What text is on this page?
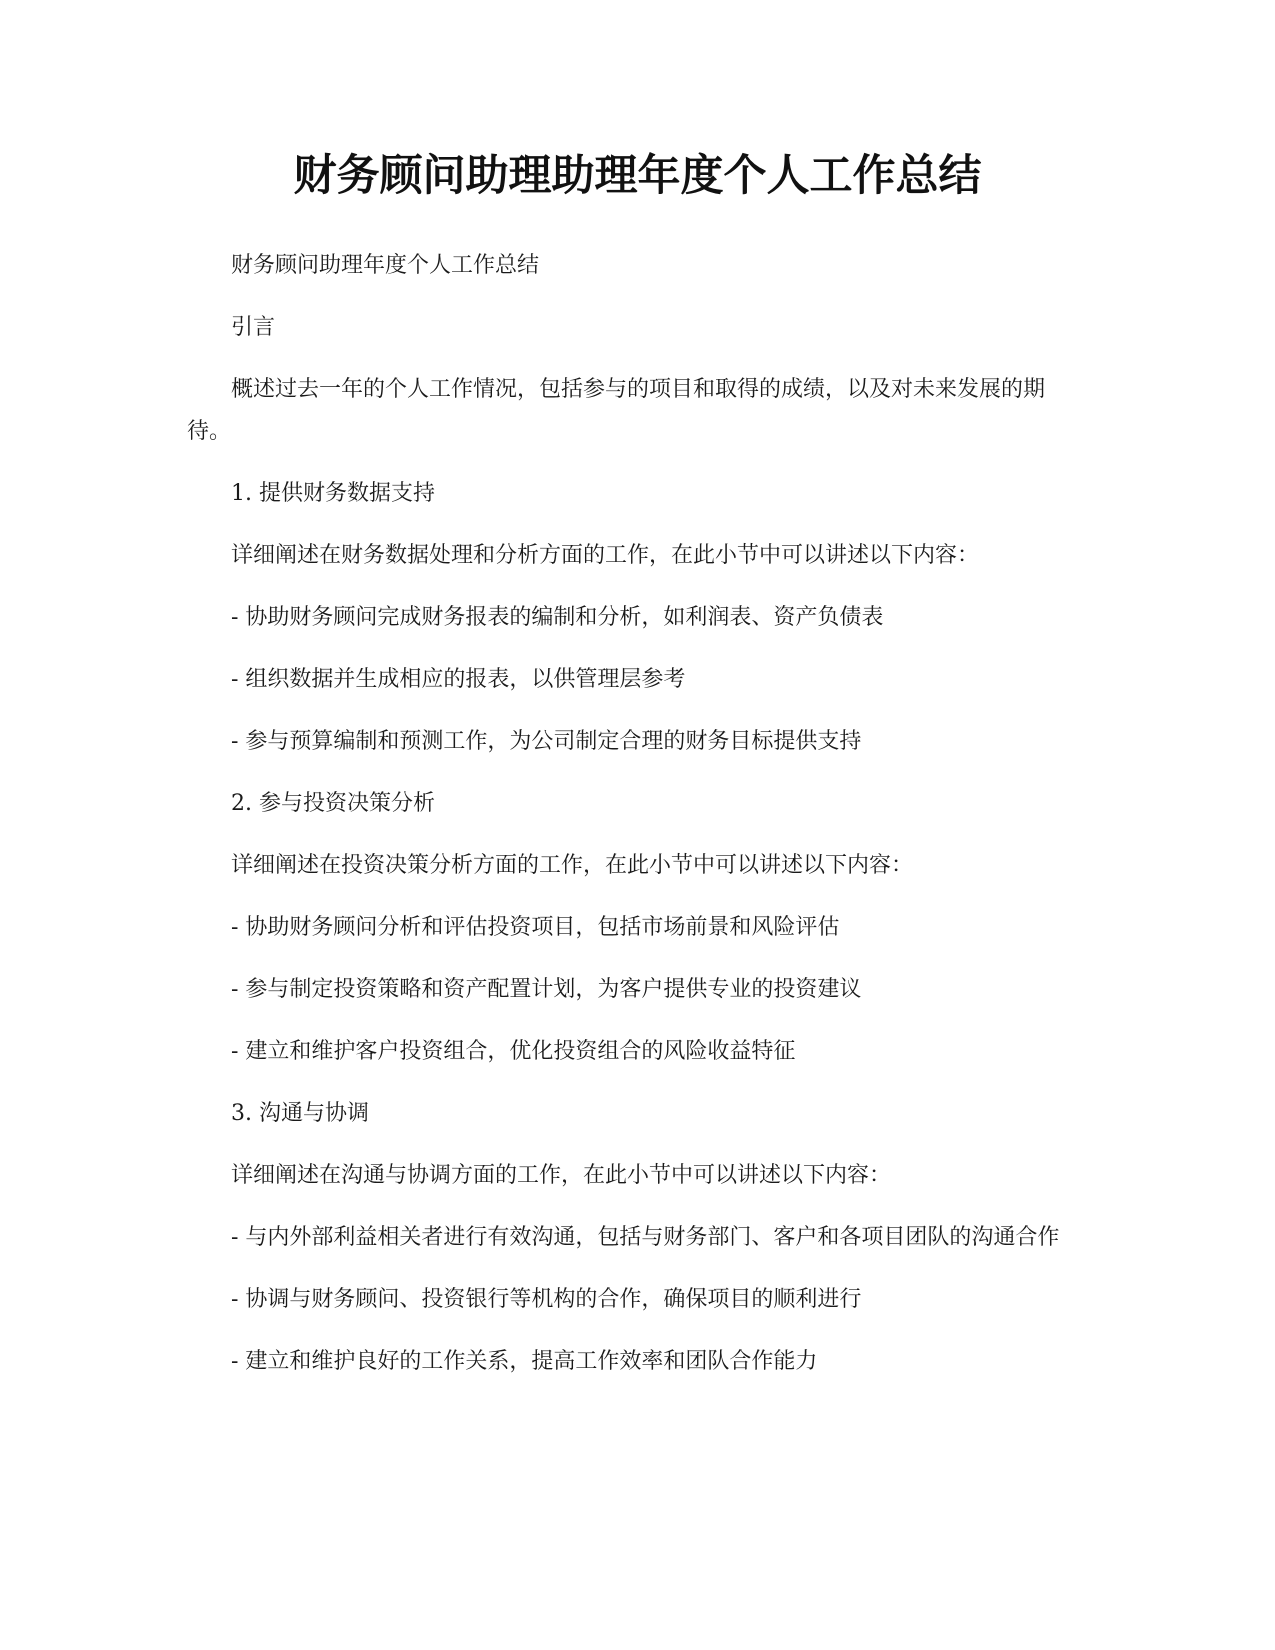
财务顾问助理助理年度个人工作总结

财务顾问助理年度个人工作总结

引言

概述过去一年的个人工作情况，包括参与的项目和取得的成绩，以及对未来发展的期待。

1. 提供财务数据支持

详细阐述在财务数据处理和分析方面的工作，在此小节中可以讲述以下内容：

- 协助财务顾问完成财务报表的编制和分析，如利润表、资产负债表

- 组织数据并生成相应的报表，以供管理层参考

- 参与预算编制和预测工作，为公司制定合理的财务目标提供支持

2. 参与投资决策分析

详细阐述在投资决策分析方面的工作，在此小节中可以讲述以下内容：

- 协助财务顾问分析和评估投资项目，包括市场前景和风险评估

- 参与制定投资策略和资产配置计划，为客户提供专业的投资建议

- 建立和维护客户投资组合，优化投资组合的风险收益特征

3. 沟通与协调

详细阐述在沟通与协调方面的工作，在此小节中可以讲述以下内容：

- 与内外部利益相关者进行有效沟通，包括与财务部门、客户和各项目团队的沟通合作

- 协调与财务顾问、投资银行等机构的合作，确保项目的顺利进行

- 建立和维护良好的工作关系，提高工作效率和团队合作能力
